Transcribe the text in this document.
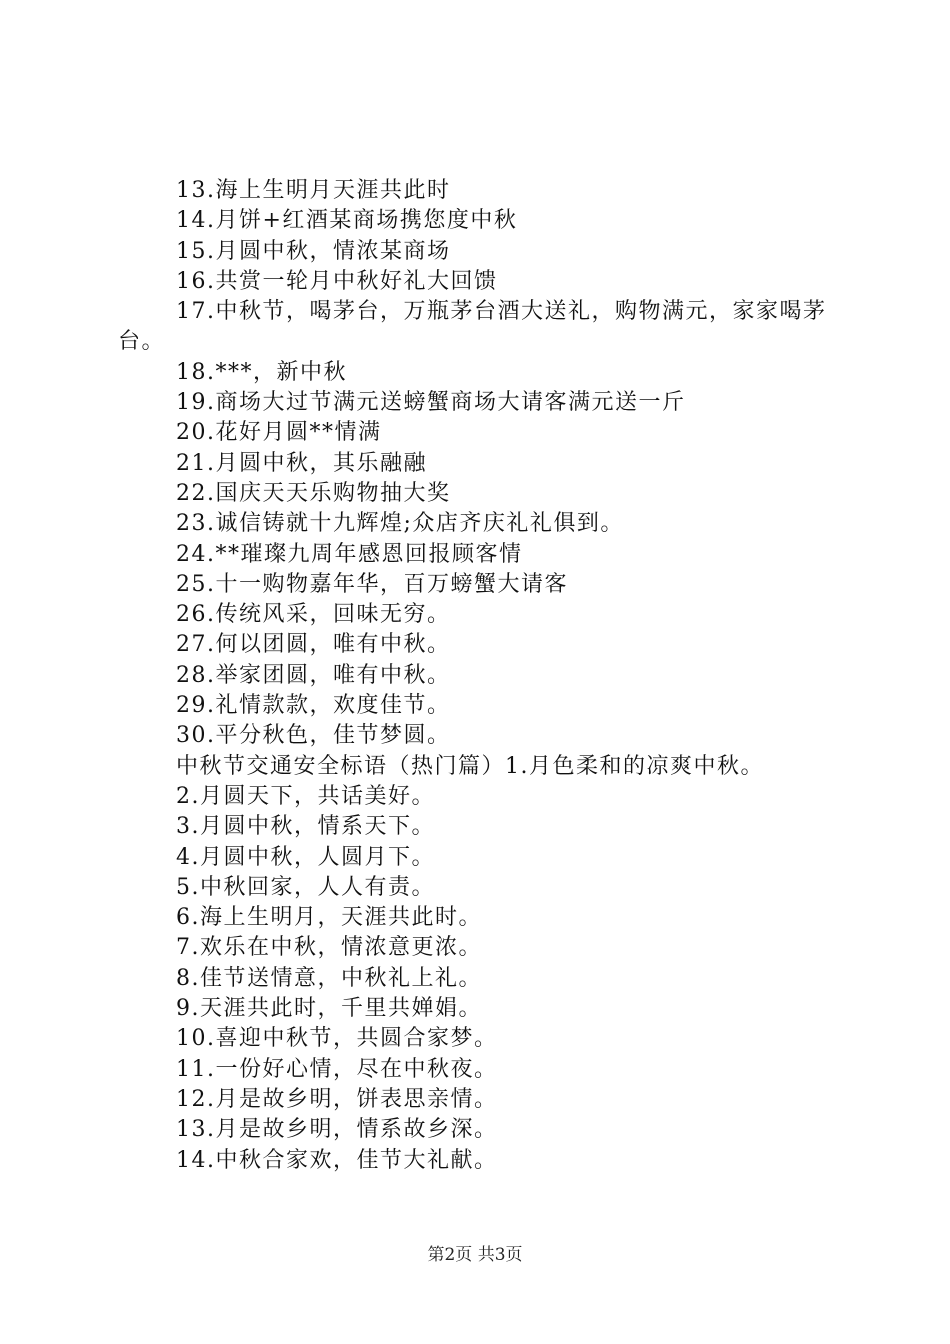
13.海上生明月天涯共此时
14.月饼+红酒某商场携您度中秋
15.月圆中秋，情浓某商场
16.共赏一轮月中秋好礼大回馈
17.中秋节，喝茅台，万瓶茅台酒大送礼，购物满元，家家喝茅台。
18.***，新中秋
19.商场大过节满元送螃蟹商场大请客满元送一斤
20.花好月圆**情满
21.月圆中秋，其乐融融
22.国庆天天乐购物抽大奖
23.诚信铸就十九辉煌;众店齐庆礼礼俱到。
24.**璀璨九周年感恩回报顾客情
25.十一购物嘉年华，百万螃蟹大请客
26.传统风采，回味无穷。
27.何以团圆，唯有中秋。
28.举家团圆，唯有中秋。
29.礼情款款，欢度佳节。
30.平分秋色，佳节梦圆。
中秋节交通安全标语（热门篇）1.月色柔和的凉爽中秋。
2.月圆天下，共话美好。
3.月圆中秋，情系天下。
4.月圆中秋，人圆月下。
5.中秋回家，人人有责。
6.海上生明月，天涯共此时。
7.欢乐在中秋，情浓意更浓。
8.佳节送情意，中秋礼上礼。
9.天涯共此时，千里共婵娟。
10.喜迎中秋节，共圆合家梦。
11.一份好心情，尽在中秋夜。
12.月是故乡明，饼表思亲情。
13.月是故乡明，情系故乡深。
14.中秋合家欢，佳节大礼献。
第2页 共3页
